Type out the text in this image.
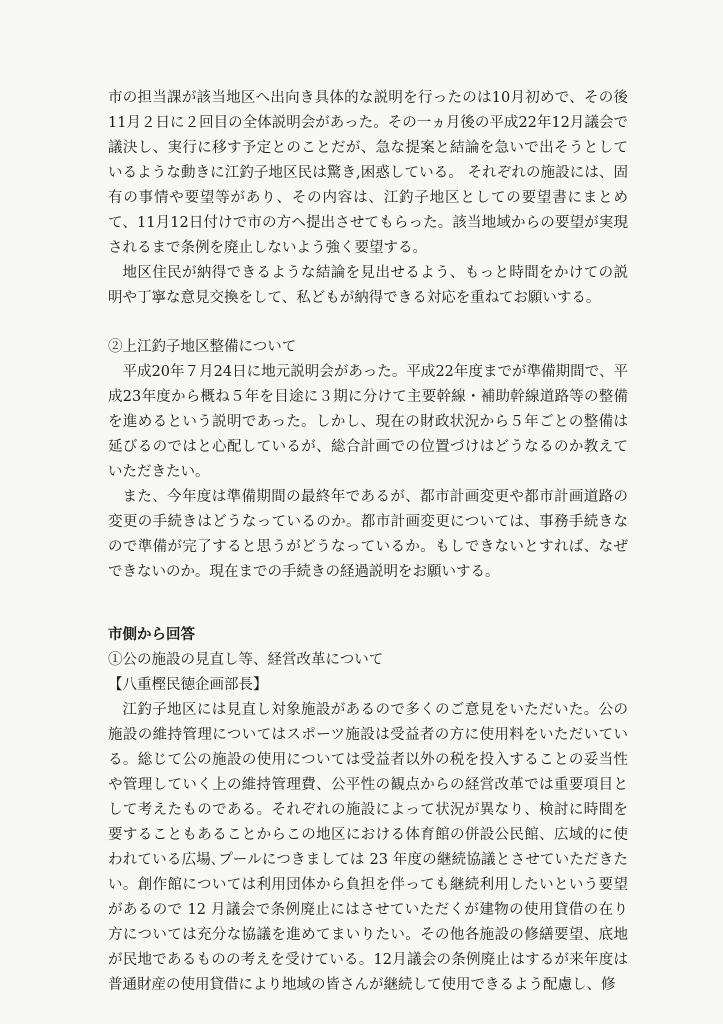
市の担当課が該当地区へ出向き具体的な説明を行ったのは10月初めで、その後11月２日に２回目の全体説明会があった。その一ヵ月後の平成22年12月議会で議決し、実行に移す予定とのことだが、急な提案と結論を急いで出そうとしているような動きに江釣子地区民は驚き,困惑している。 それぞれの施設には、固有の事情や要望等があり、その内容は、江釣子地区としての要望書にまとめて、11月12日付けで市の方へ提出させてもらった。該当地域からの要望が実現されるまで条例を廃止しないよう強く要望する。

地区住民が納得できるような結論を見出せるよう、もっと時間をかけての説明や丁寧な意見交換をして、私どもが納得できる対応を重ねてお願いする。

②上江釣子地区整備について

平成20年７月24日に地元説明会があった。平成22年度までが準備期間で、平成23年度から概ね５年を目途に３期に分けて主要幹線・補助幹線道路等の整備を進めるという説明であった。しかし、現在の財政状況から５年ごとの整備は延びるのではと心配しているが、総合計画での位置づけはどうなるのか教えていただきたい。

また、今年度は準備期間の最終年であるが、都市計画変更や都市計画道路の変更の手続きはどうなっているのか。都市計画変更については、事務手続きなので準備が完了すると思うがどうなっているか。もしできないとすれば、なぜできないのか。現在までの手続きの経過説明をお願いする。

市側から回答

①公の施設の見直し等、経営改革について

【八重樫民徳企画部長】

江釣子地区には見直し対象施設があるので多くのご意見をいただいた。公の施設の維持管理についてはスポーツ施設は受益者の方に使用料をいただいている。総じて公の施設の使用については受益者以外の税を投入することの妥当性や管理していく上の維持管理費、公平性の観点からの経営改革では重要項目として考えたものである。それぞれの施設によって状況が異なり、検討に時間を要することもあることからこの地区における体育館の併設公民館、広域的に使われている広場､プールにつきましては 23 年度の継続協議とさせていただきたい。創作館については利用団体から負担を伴っても継続利用したいという要望があるので 12 月議会で条例廃止にはさせていただくが建物の使用貸借の在り方については充分な協議を進めてまいりたい。その他各施設の修繕要望、底地が民地であるものの考えを受けている。12月議会の条例廃止はするが来年度は普通財産の使用貸借により地域の皆さんが継続して使用できるよう配慮し、修
